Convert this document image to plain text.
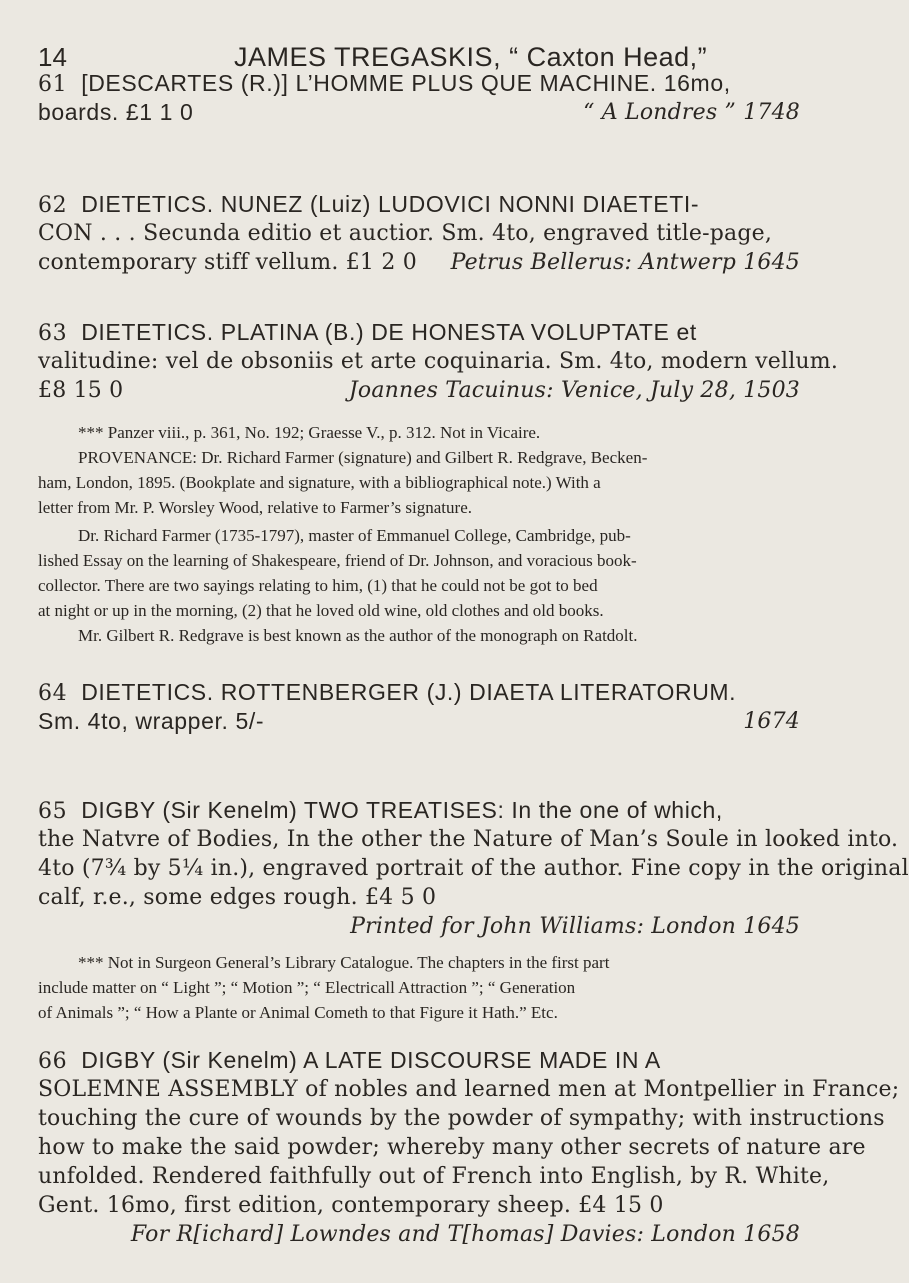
14	JAMES TREGASKIS, “ Caxton Head,”
61 [DESCARTES (R.)] L’HOMME PLUS QUE MACHINE. 16mo,
boards. £1 1 0	“ A Londres ” 1748
62 DIETETICS. NUNEZ (Luiz) LUDOVICI NONNI DIAETETI-
CON . . . Secunda editio et auctior. Sm. 4to, engraved title-page,
contemporary stiff vellum. £1 2 0	Petrus Bellerus: Antwerp 1645
63 DIETETICS. PLATINA (B.) DE HONESTA VOLUPTATE et
valitudine: vel de obsoniis et arte coquinaria. Sm. 4to, modern vellum.
£8 15 0	Joannes Tacuinus: Venice, July 28, 1503
*** Panzer viii., p. 361, No. 192; Graesse V., p. 312. Not in Vicaire.
PROVENANCE: Dr. Richard Farmer (signature) and Gilbert R. Redgrave, Becken-
ham, London, 1895. (Bookplate and signature, with a bibliographical note.) With a
letter from Mr. P. Worsley Wood, relative to Farmer’s signature.
Dr. Richard Farmer (1735-1797), master of Emmanuel College, Cambridge, pub-
lished Essay on the learning of Shakespeare, friend of Dr. Johnson, and voracious book-
collector. There are two sayings relating to him, (1) that he could not be got to bed
at night or up in the morning, (2) that he loved old wine, old clothes and old books.
Mr. Gilbert R. Redgrave is best known as the author of the monograph on Ratdolt.
64 DIETETICS. ROTTENBERGER (J.) DIAETA LITERATORUM.
Sm. 4to, wrapper. 5/-	1674
65 DIGBY (Sir Kenelm) TWO TREATISES: In the one of which,
the Natvre of Bodies, In the other the Nature of Man’s Soule in looked into.
4to (7¾ by 5¼ in.), engraved portrait of the author. Fine copy in the original
calf, r.e., some edges rough. £4 5 0
Printed for John Williams: London 1645
*** Not in Surgeon General’s Library Catalogue. The chapters in the first part
include matter on “ Light ”; “ Motion ”; “ Electricall Attraction ”; “ Generation
of Animals ”; “ How a Plante or Animal Cometh to that Figure it Hath.” Etc.
66 DIGBY (Sir Kenelm) A LATE DISCOURSE MADE IN A
SOLEMNE ASSEMBLY of nobles and learned men at Montpellier in France;
touching the cure of wounds by the powder of sympathy; with instructions
how to make the said powder; whereby many other secrets of nature are
unfolded. Rendered faithfully out of French into English, by R. White,
Gent. 16mo, first edition, contemporary sheep. £4 15 0
For R[ichard] Lowndes and T[homas] Davies: London 1658
